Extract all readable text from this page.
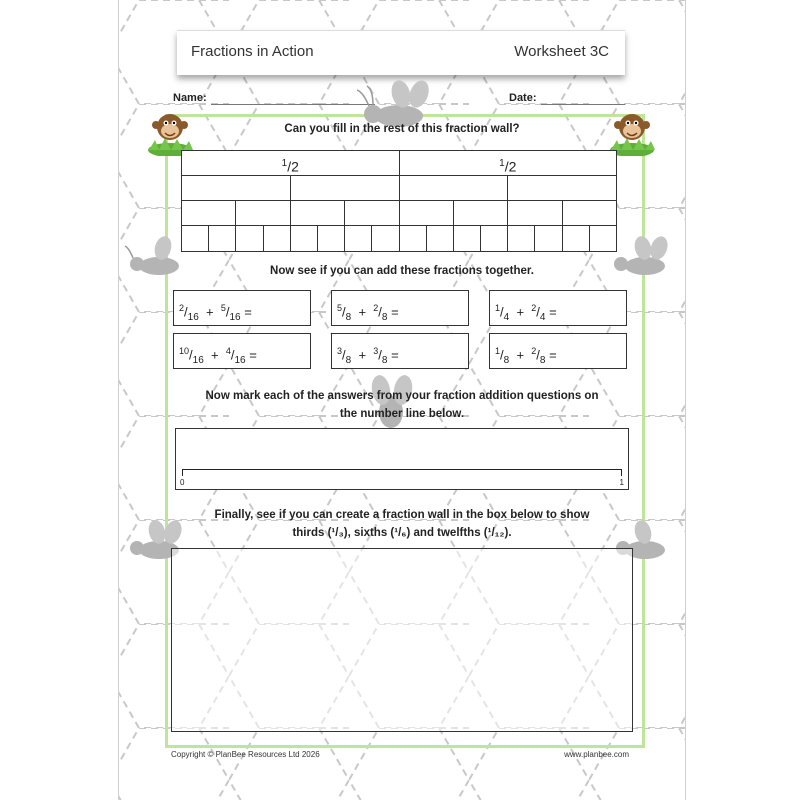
Fractions in Action	Worksheet 3C
Name:	Date:
Can you fill in the rest of this fraction wall?
$^1$/2	$^1$/2
Now see if you can add these fractions together.
$^2/_{16} + ^5/_{16}$ =	$^5/_8 + ^2/_8$ =	$^1/_4 + ^2/_4$ =
$^{10}/_{16} + ^4/_{16}$ =	$^3/_8 + ^3/_8$ =	$^1/_8 + ^2/_8$ =
Now mark each of the answers from your fraction addition questions on
the number line below.
0	1
Finally, see if you can create a fraction wall in the box below to show
thirds (¹/₃), sixths (¹/₆) and twelfths (¹/₁₂).
Copyright © PlanBee Resources Ltd 2026	www.planbee.com
